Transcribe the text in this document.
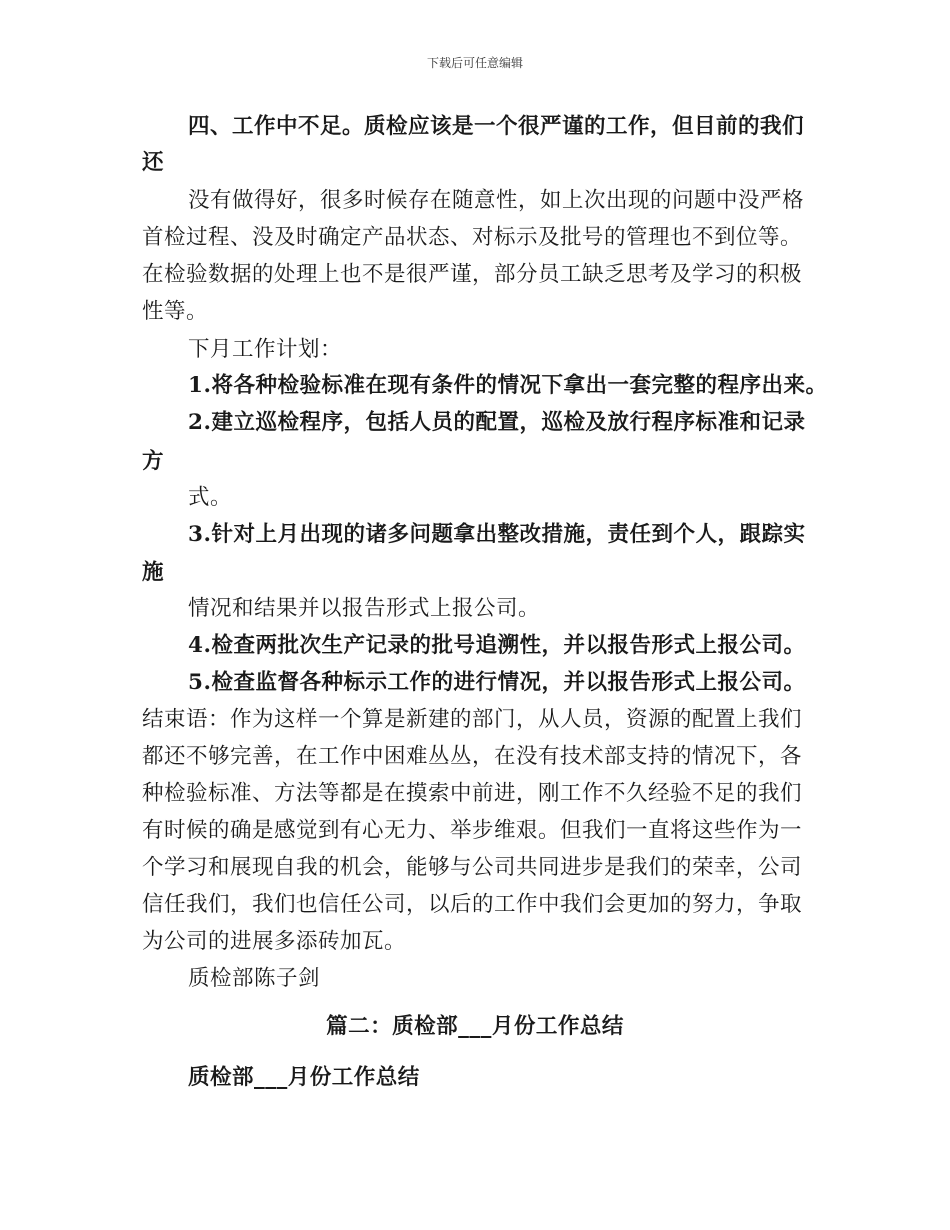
下载后可任意编辑
四、工作中不足。质检应该是一个很严谨的工作，但目前的我们
还
没有做得好，很多时候存在随意性，如上次出现的问题中没严格
首检过程、没及时确定产品状态、对标示及批号的管理也不到位等。
在检验数据的处理上也不是很严谨，部分员工缺乏思考及学习的积极
性等。
下月工作计划：
1.将各种检验标准在现有条件的情况下拿出一套完整的程序出来。
2.建立巡检程序，包括人员的配置，巡检及放行程序标准和记录
方
式。
3.针对上月出现的诸多问题拿出整改措施，责任到个人，跟踪实
施
情况和结果并以报告形式上报公司。
4.检查两批次生产记录的批号追溯性，并以报告形式上报公司。
5.检查监督各种标示工作的进行情况，并以报告形式上报公司。
结束语：作为这样一个算是新建的部门，从人员，资源的配置上我们
都还不够完善，在工作中困难丛丛，在没有技术部支持的情况下，各
种检验标准、方法等都是在摸索中前进，刚工作不久经验不足的我们
有时候的确是感觉到有心无力、举步维艰。但我们一直将这些作为一
个学习和展现自我的机会，能够与公司共同进步是我们的荣幸，公司
信任我们，我们也信任公司，以后的工作中我们会更加的努力，争取
为公司的进展多添砖加瓦。
质检部陈子剑
篇二：质检部___月份工作总结
质检部___月份工作总结
